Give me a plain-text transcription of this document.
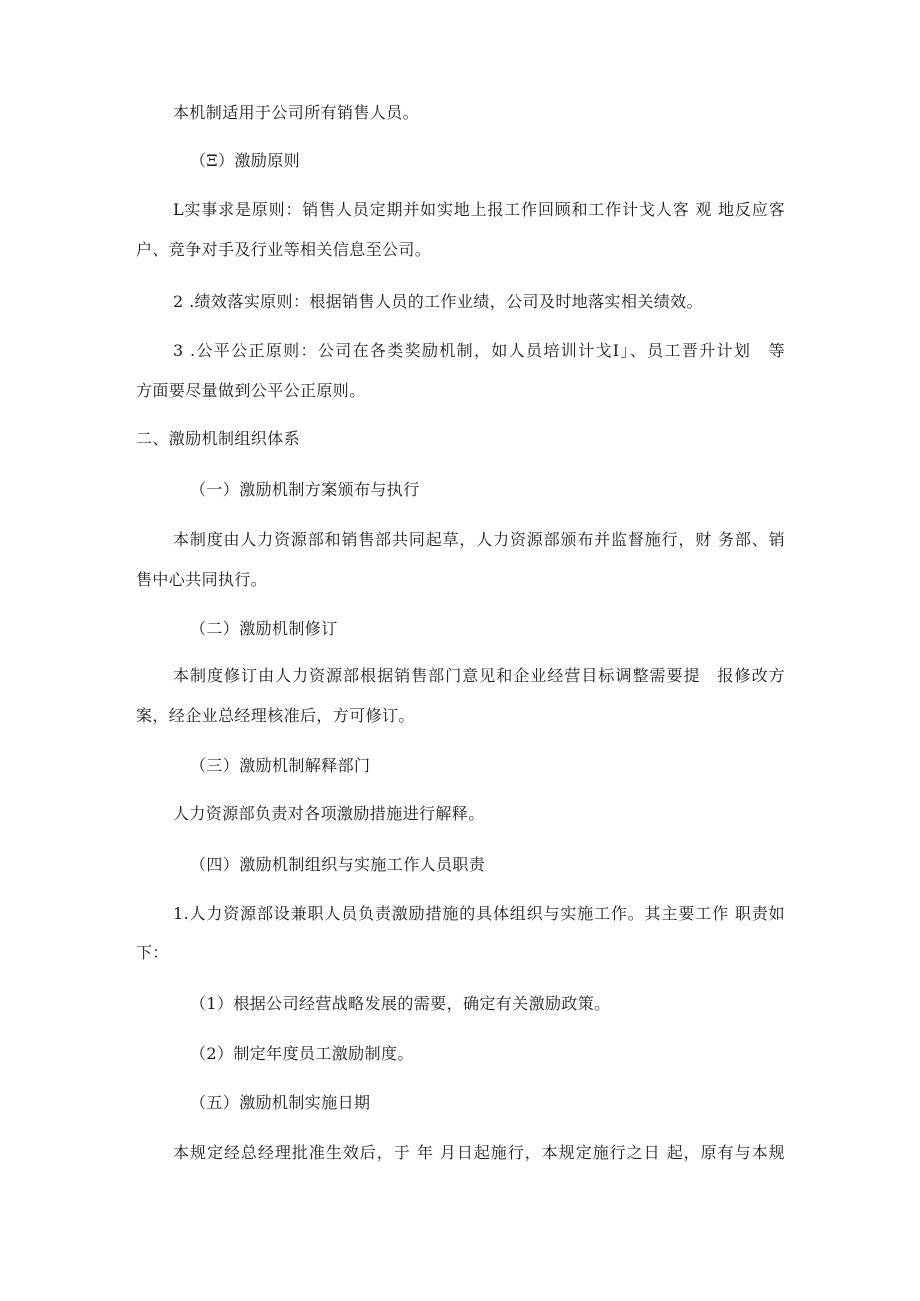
本机制适用于公司所有销售人员。
（Ξ）激励原则
L实事求是原则：销售人员定期并如实地上报工作回顾和工作计戈人客 观 地反应客
户、竞争对手及行业等相关信息至公司。
2 .绩效落实原则：根据销售人员的工作业绩，公司及时地落实相关绩效。
3 .公平公正原则：公司在各类奖励机制，如人员培训计戈I」、员工晋升计划　等
方面要尽量做到公平公正原则。
二、激励机制组织体系
（一）激励机制方案颁布与执行
本制度由人力资源部和销售部共同起草，人力资源部颁布并监督施行，财 务部、销
售中心共同执行。
（二）激励机制修订
本制度修订由人力资源部根据销售部门意见和企业经营目标调整需要提　报修改方
案，经企业总经理核准后，方可修订。
（三）激励机制解释部门
人力资源部负责对各项激励措施进行解释。
（四）激励机制组织与实施工作人员职责
1.人力资源部设兼职人员负责激励措施的具体组织与实施工作。其主要工作 职责如
下：
（1）根据公司经营战略发展的需要，确定有关激励政策。
（2）制定年度员工激励制度。
（五）激励机制实施日期
本规定经总经理批准生效后，于 年 月日起施行，本规定施行之日 起，原有与本规
